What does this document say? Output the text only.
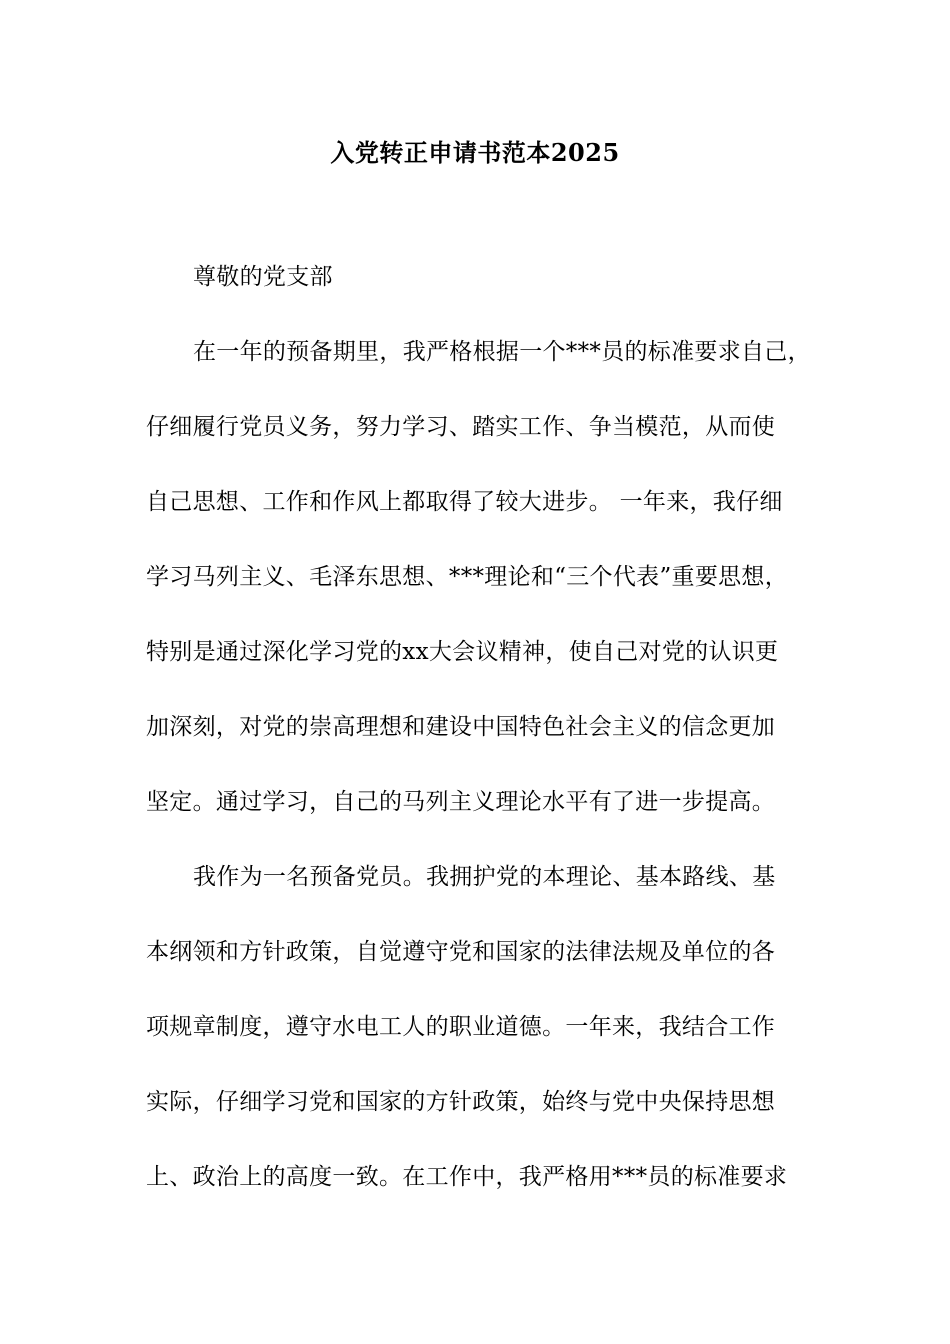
入党转正申请书范本2025
尊敬的党支部
在一年的预备期里，我严格根据一个***员的标准要求自己，
仔细履行党员义务，努力学习、踏实工作、争当模范，从而使
自己思想、工作和作风上都取得了较大进步。 一年来，我仔细
学习马列主义、毛泽东思想、***理论和“三个代表”重要思想，
特别是通过深化学习党的xx大会议精神，使自己对党的认识更
加深刻，对党的崇高理想和建设中国特色社会主义的信念更加
坚定。通过学习，自己的马列主义理论水平有了进一步提高。
我作为一名预备党员。我拥护党的本理论、基本路线、基
本纲领和方针政策，自觉遵守党和国家的法律法规及单位的各
项规章制度，遵守水电工人的职业道德。一年来，我结合工作
实际，仔细学习党和国家的方针政策，始终与党中央保持思想
上、政治上的高度一致。在工作中，我严格用***员的标准要求
